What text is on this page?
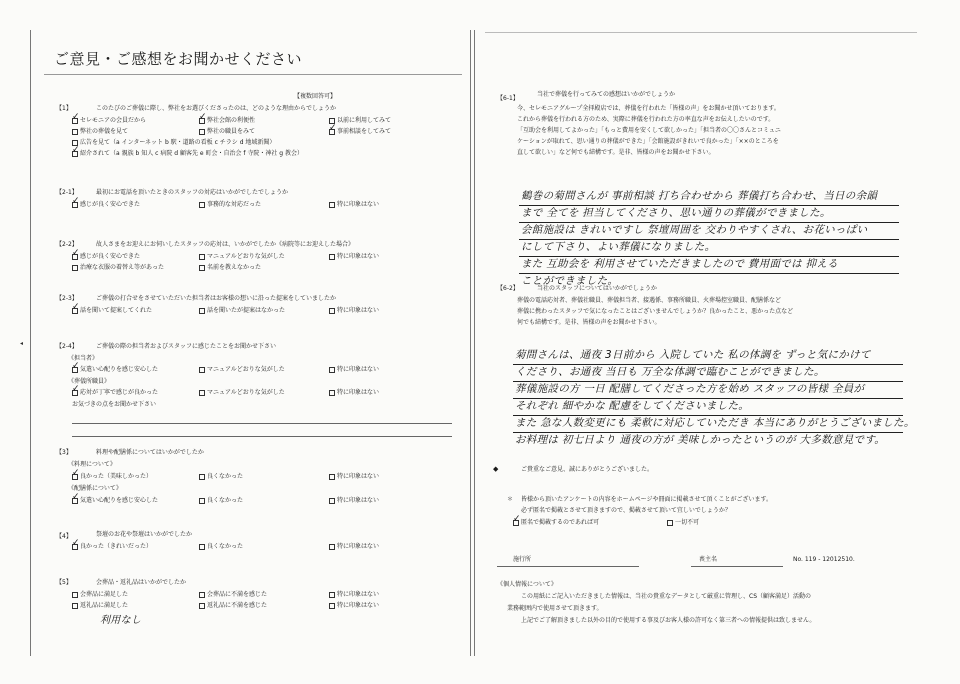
◂
ご意見・ご感想をお聞かせください
【複数回答可】
【1】	このたびのご葬儀に際し、弊社をお選びくださったのは、どのような理由からでしょうか
✓
セレモニアの会員だから ✓	弊社会館の利便性	以前に利用してみて
弊社の葬儀を見て	弊社の職員をみて ✓	事前相談をしてみて
広告を見て（a インターネット b 駅・道路の看板 c チラシ d 地域新聞）
✓
紹介されて（a 親族 b 知人 c 病院 d 顧客先 e 町会・自治会 f 寺院・神社 g 教会）
【2-1】	最初にお電話を頂いたときのスタッフの対応はいかがでしたでしょうか
✓
感じが良く安心できた	事務的な対応だった	特に印象はない
【2-2】	故人さまをお迎えにお伺いしたスタッフの応対は、いかがでしたか《病院等にお迎えした場合》
✓
感じが良く安心できた	マニュアルどおりな気がした	特に印象はない
治療な衣服の着替え等があった	名前を教えなかった
【2-3】	ご葬儀の打合せをさせていただいた担当者はお客様の想いに沿った提案をしていましたか
✓
話を聞いて提案してくれた	話を聞いたが提案はなかった	特に印象はない
【2-4】	ご葬儀の際の担当者およびスタッフに感じたことをお聞かせ下さい
《担当者》
✓
気遣い心配りを感じ安心した	マニュアルどおりな気がした	特に印象はない
《葬儀所職員》
✓
応対が丁寧で感じが良かった	マニュアルどおりな気がした	特に印象はない
お気づきの点をお聞かせ下さい
【3】	料理や配膳係についてはいかがでしたか
《料理について》
✓
良かった（美味しかった）	良くなかった	特に印象はない
《配膳係について》
✓
気遣い心配りを感じ安心した	良くなかった	特に印象はない
【4】	祭壇のお花や祭壇はいかがでしたか
✓
良かった（きれいだった）	良くなかった	特に印象はない
【5】	会葬品・返礼品はいかがでしたか
会葬品に満足した	会葬品に不満を感じた	特に印象はない
返礼品に満足した	返礼品に不満を感じた	特に印象はない
利用なし
【6-1】
当社で葬儀を行ってみての感想はいかがでしょうか
今、セレモニアグループ全拝殿店では、葬儀を行われた「皆様の声」をお聞かせ頂いております。
これから葬儀を行われる方のため、実際に葬儀を行われた方の率直な声をお伝えしたいのです。
「互助会を利用してよかった」「もっと費用を安くして欲しかった」「担当者の〇〇さんとコミュニ
ケーションが取れて、思い通りの葬儀ができた」「会館施設がきれいで良かった」「××のところを
直して欲しい」など何でも結構です。是非、皆様の声をお聞かせ下さい。
鶴巻の菊間さんが 事前相談 打ち合わせから 葬儀打ち合わせ、当日の余韻
まで 全てを 担当してくださり、思い通りの葬儀ができました。
会館施設は きれいですし 祭壇周囲を 交わりやすくされ、お花いっぱい
にして下さり、よい葬儀になりました。
また 互助会を 利用させていただきましたので 費用面では 抑える
ことができました。
【6-2】	当社のスタッフについてはいかがでしょうか
葬儀の電話応対者、葬儀社職員、葬儀担当者、接遇係、事務所職員、火葬場控室職員、配膳係など
葬儀に携わったスタッフで気になったことはございませんでしょうか？良かったこと、悪かった点など
何でも結構です。是非、皆様の声をお聞かせ下さい。
菊間さんは、通夜 3日前から 入院していた 私の体調を ずっと気にかけて
くださり、お通夜 当日も 万全な体調で臨むことができました。
葬儀施設の方 一日 配膳してくださった方を始め スタッフの皆様 全員が
それぞれ 細やかな 配慮をしてくださいました。
また 急な人数変更にも 柔軟に対応していただき 本当にありがとうございました。
お料理は 初七日より 通夜の方が 美味しかったというのが 大多数意見です。
◆	ご貴重なご意見、誠にありがとうございました。
＊ 皆様から頂いたアンケートの内容をホームページや冊面に掲載させて頂くことがございます。
必ず匿名で掲載とさせて頂きますので、掲載させて頂いて宜しいでしょうか？
✓
匿名で掲載するのであれば可	一切不可
施行所	喪主名	No. 119 - 12012510.
《個人情報について》
この用紙にご記入いただきました情報は、当社の貴重なデータとして厳重に管理し、CS（顧客満足）活動の
業務範囲内で使用させて頂きます。
上記でご了解頂きました以外の目的で使用する事及びお客人様の許可なく第三者への情報提供は致しません。
